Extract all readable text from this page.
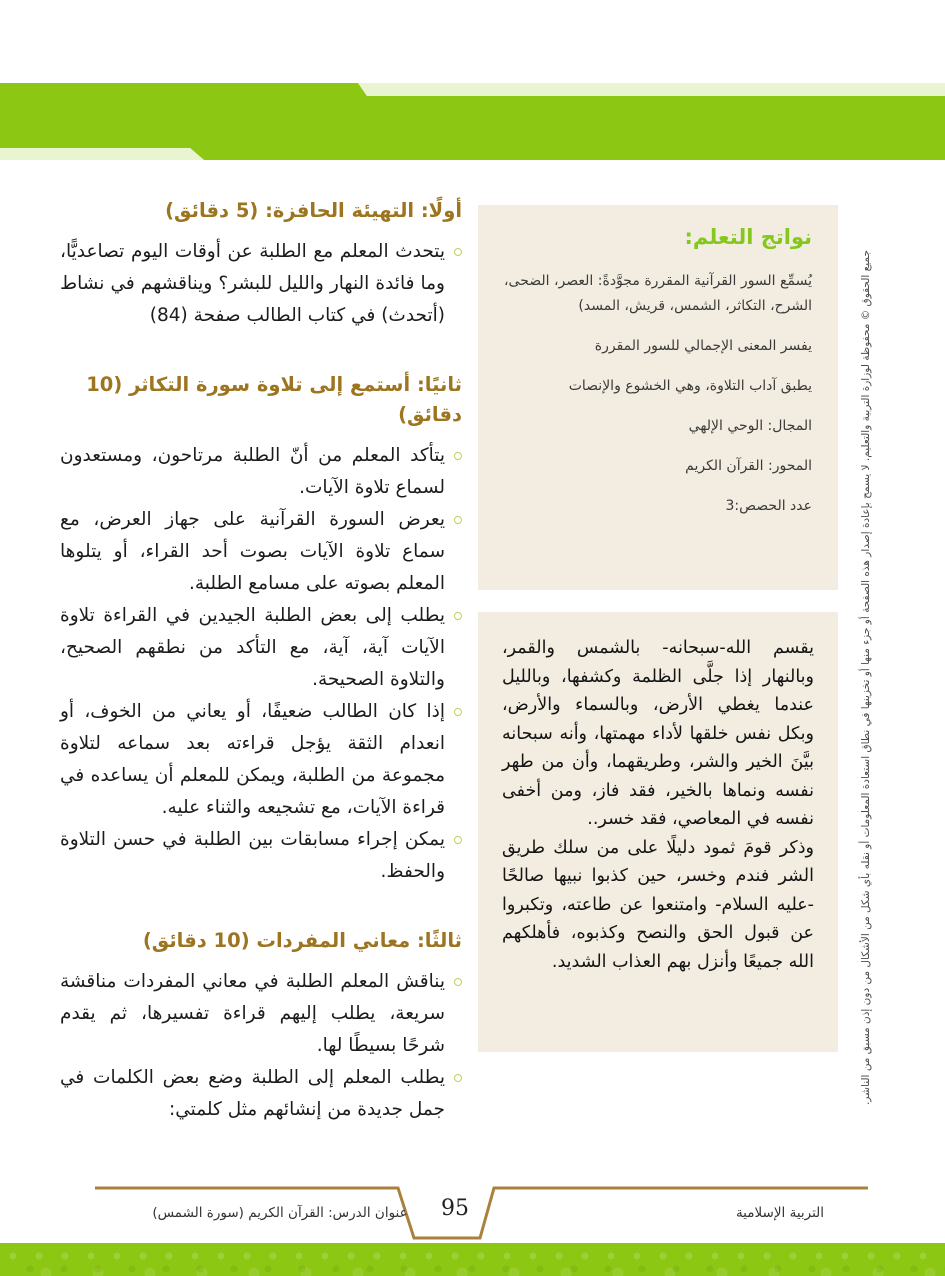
أولًا: التهيئة الحافزة: (5 دقائق)

يتحدث المعلم مع الطلبة عن أوقات اليوم تصاعديًّا، وما فائدة النهار والليل للبشر؟ ويناقشهم في نشاط (أتحدث) في كتاب الطالب صفحة (84)

ثانيًا: أستمع إلى تلاوة سورة التكاثر (10 دقائق)

يتأكد المعلم من أنّ الطلبة مرتاحون، ومستعدون لسماع تلاوة الآيات.

يعرض السورة القرآنية على جهاز العرض، مع سماع تلاوة الآيات بصوت أحد القراء، أو يتلوها المعلم بصوته على مسامع الطلبة.

يطلب إلى بعض الطلبة الجيدين في القراءة تلاوة الآيات آية، آية، مع التأكد من نطقهم الصحيح، والتلاوة الصحيحة.

إذا كان الطالب ضعيفًا، أو يعاني من الخوف، أو انعدام الثقة يؤجل قراءته بعد سماعه لتلاوة مجموعة من الطلبة، ويمكن للمعلم أن يساعده في قراءة الآيات، مع تشجيعه والثناء عليه.

يمكن إجراء مسابقات بين الطلبة في حسن التلاوة والحفظ.

ثالثًا: معاني المفردات (10 دقائق)

يناقش المعلم الطلبة في معاني المفردات مناقشة سريعة، يطلب إليهم قراءة تفسيرها، ثم يقدم شرحًا بسيطًا لها.

يطلب المعلم إلى الطلبة وضع بعض الكلمات في جمل جديدة من إنشائهم مثل كلمتي:

نواتج التعلم:

يُسمِّع السور القرآنية المقررة مجوَّدةً: العصر، الضحى، الشرح، التكاثر، الشمس، قريش، المسد)

يفسر المعنى الإجمالي للسور المقررة

يطبق آداب التلاوة، وهي الخشوع والإنصات

المجال: الوحي الإلهي

المحور: القرآن الكريم

عدد الحصص:3

يقسم الله-سبحانه- بالشمس والقمر، وبالنهار إذا جلَّى الظلمة وكشفها، وبالليل عندما يغطي الأرض، وبالسماء والأرض، وبكل نفس خلقها لأداء مهمتها، وأنه سبحانه بيَّنَ الخير والشر، وطريقهما، وأن من طهر نفسه ونماها بالخير، فقد فاز، ومن أخفى نفسه في المعاصي، فقد خسر..

وذكر قومَ ثمود دليلًا على من سلك طريق الشر فندم وخسر، حين كذبوا نبيها صالحًا -عليه السلام- وامتنعوا عن طاعته، وتكبروا عن قبول الحق والنصح وكذبوه، فأهلكهم الله جميعًا وأنزل بهم العذاب الشديد.	جميع الحقوق © محفوظة لوزارة التربية والتعليم. لا يسمح بإعادة إصدار هذه الصفحة أو جزء منها أو تخزينها في نطاق استعادة المعلومات أو نقله بأي شكل من الأشكال من دون إذن مسبق من الناشر.
95
عنوان الدرس: القرآن الكريم (سورة الشمس)	التربية الإسلامية
